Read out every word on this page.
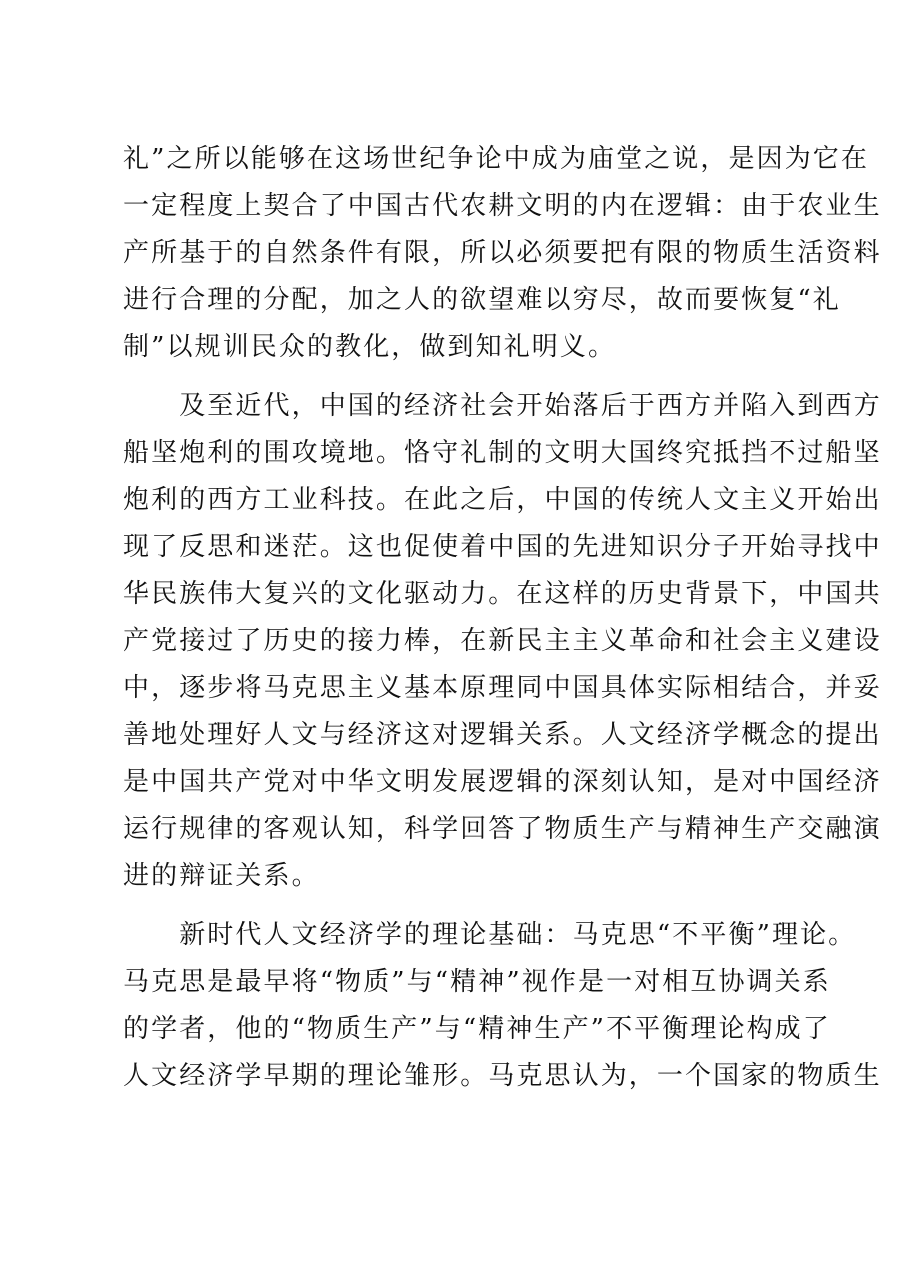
礼”之所以能够在这场世纪争论中成为庙堂之说，是因为它在
一定程度上契合了中国古代农耕文明的内在逻辑：由于农业生
产所基于的自然条件有限，所以必须要把有限的物质生活资料
进行合理的分配，加之人的欲望难以穷尽，故而要恢复“礼
制”以规训民众的教化，做到知礼明义。
　　及至近代，中国的经济社会开始落后于西方并陷入到西方
船坚炮利的围攻境地。恪守礼制的文明大国终究抵挡不过船坚
炮利的西方工业科技。在此之后，中国的传统人文主义开始出
现了反思和迷茫。这也促使着中国的先进知识分子开始寻找中
华民族伟大复兴的文化驱动力。在这样的历史背景下，中国共
产党接过了历史的接力棒，在新民主主义革命和社会主义建设
中，逐步将马克思主义基本原理同中国具体实际相结合，并妥
善地处理好人文与经济这对逻辑关系。人文经济学概念的提出
是中国共产党对中华文明发展逻辑的深刻认知，是对中国经济
运行规律的客观认知，科学回答了物质生产与精神生产交融演
进的辩证关系。
　　新时代人文经济学的理论基础：马克思“不平衡”理论。
马克思是最早将“物质”与“精神”视作是一对相互协调关系
的学者，他的“物质生产”与“精神生产”不平衡理论构成了
人文经济学早期的理论雏形。马克思认为，一个国家的物质生
